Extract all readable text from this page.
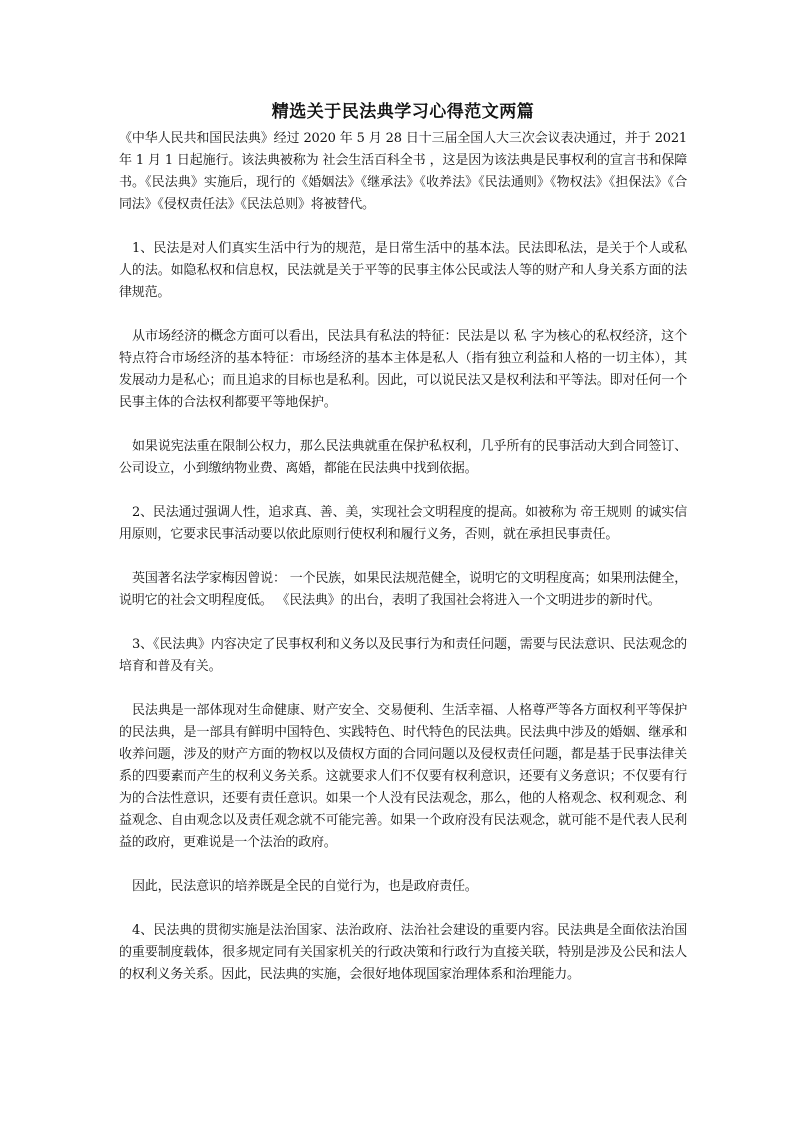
精选关于民法典学习心得范文两篇

《中华人民共和国民法典》经过 2020 年 5 月 28 日十三届全国人大三次会议表决通过，并于 2021 年 1 月 1 日起施行。该法典被称为 社会生活百科全书 ，这是因为该法典是民事权利的宣言书和保障书。《民法典》实施后，现行的《婚姻法》《继承法》《收养法》《民法通则》《物权法》《担保法》《合同法》《侵权责任法》《民法总则》将被替代。

1、民法是对人们真实生活中行为的规范，是日常生活中的基本法。民法即私法，是关于个人或私人的法。如隐私权和信息权，民法就是关于平等的民事主体公民或法人等的财产和人身关系方面的法律规范。

从市场经济的概念方面可以看出，民法具有私法的特征：民法是以 私 字为核心的私权经济，这个特点符合市场经济的基本特征：市场经济的基本主体是私人（指有独立利益和人格的一切主体），其发展动力是私心；而且追求的目标也是私利。因此，可以说民法又是权利法和平等法。即对任何一个民事主体的合法权利都要平等地保护。

如果说宪法重在限制公权力，那么民法典就重在保护私权利，几乎所有的民事活动大到合同签订、公司设立，小到缴纳物业费、离婚，都能在民法典中找到依据。

2、民法通过强调人性，追求真、善、美，实现社会文明程度的提高。如被称为 帝王规则 的诚实信用原则，它要求民事活动要以依此原则行使权利和履行义务，否则，就在承担民事责任。

英国著名法学家梅因曾说： 一个民族，如果民法规范健全，说明它的文明程度高；如果刑法健全，说明它的社会文明程度低。 《民法典》的出台，表明了我国社会将进入一个文明进步的新时代。

3、《民法典》内容决定了民事权利和义务以及民事行为和责任问题，需要与民法意识、民法观念的培育和普及有关。

民法典是一部体现对生命健康、财产安全、交易便利、生活幸福、人格尊严等各方面权利平等保护的民法典，是一部具有鲜明中国特色、实践特色、时代特色的民法典。民法典中涉及的婚姻、继承和收养问题，涉及的财产方面的物权以及债权方面的合同问题以及侵权责任问题，都是基于民事法律关系的四要素而产生的权利义务关系。这就要求人们不仅要有权利意识，还要有义务意识；不仅要有行为的合法性意识，还要有责任意识。如果一个人没有民法观念，那么，他的人格观念、权利观念、利益观念、自由观念以及责任观念就不可能完善。如果一个政府没有民法观念，就可能不是代表人民利益的政府，更难说是一个法治的政府。

因此，民法意识的培养既是全民的自觉行为，也是政府责任。

4、民法典的贯彻实施是法治国家、法治政府、法治社会建设的重要内容。民法典是全面依法治国的重要制度载体，很多规定同有关国家机关的行政决策和行政行为直接关联，特别是涉及公民和法人的权利义务关系。因此，民法典的实施，会很好地体现国家治理体系和治理能力。
